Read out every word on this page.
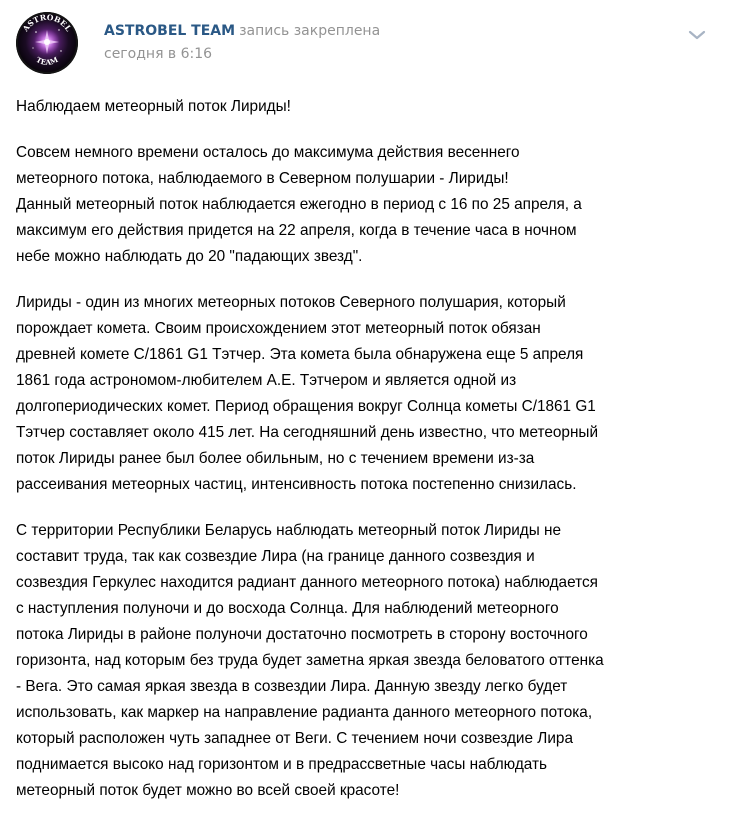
ASTROBEL
TEAM
ASTROBEL TEAM запись закреплена
сегодня в 6:16
Наблюдаем метеорный поток Лириды!
Совсем немного времени осталось до максимума действия весеннего
метеорного потока, наблюдаемого в Северном полушарии - Лириды!
Данный метеорный поток наблюдается ежегодно в период с 16 по 25 апреля, а
максимум его действия придется на 22 апреля, когда в течение часа в ночном
небе можно наблюдать до 20 "падающих звезд".
Лириды - один из многих метеорных потоков Северного полушария, который
порождает комета. Своим происхождением этот метеорный поток обязан
древней комете C/1861 G1 Тэтчер. Эта комета была обнаружена еще 5 апреля
1861 года астрономом-любителем А.Е. Тэтчером и является одной из
долгопериодических комет. Период обращения вокруг Солнца кометы C/1861 G1
Тэтчер составляет около 415 лет. На сегодняшний день известно, что метеорный
поток Лириды ранее был более обильным, но с течением времени из-за
рассеивания метеорных частиц, интенсивность потока постепенно снизилась.
С территории Республики Беларусь наблюдать метеорный поток Лириды не
составит труда, так как созвездие Лира (на границе данного созвездия и
созвездия Геркулес находится радиант данного метеорного потока) наблюдается
с наступления полуночи и до восхода Солнца. Для наблюдений метеорного
потока Лириды в районе полуночи достаточно посмотреть в сторону восточного
горизонта, над которым без труда будет заметна яркая звезда беловатого оттенка
- Вега. Это самая яркая звезда в созвездии Лира. Данную звезду легко будет
использовать, как маркер на направление радианта данного метеорного потока,
который расположен чуть западнее от Веги. С течением ночи созвездие Лира
поднимается высоко над горизонтом и в предрассветные часы наблюдать
метеорный поток будет можно во всей своей красоте!
